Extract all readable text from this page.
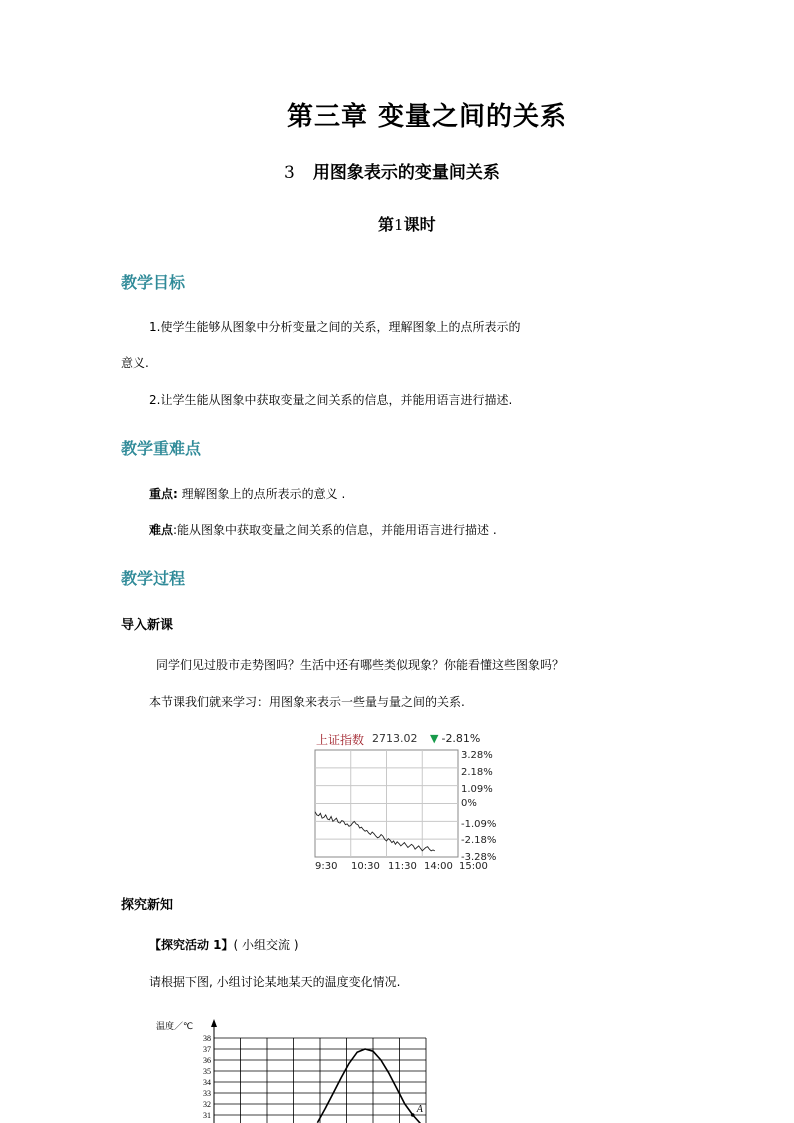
第三章 变量之间的关系
3 用图象表示的变量间关系
第1课时
教学目标
1.使学生能够从图象中分析变量之间的关系，理解图象上的点所表示的
意义.
2.让学生能从图象中获取变量之间关系的信息，并能用语言进行描述.
教学重难点
重点: 理解图象上的点所表示的意义 .
难点:能从图象中获取变量之间关系的信息，并能用语言进行描述 .
教学过程
导入新课
同学们见过股市走势图吗？生活中还有哪些类似现象？你能看懂这些图象吗？
本节课我们就来学习：用图象来表示一些量与量之间的关系.
上证指数 2713.02 ▼ -2.81%
3.28%
2.18%
1.09%
0%
-1.09%
-2.18%
-3.28%
9:30 10:30 11:30 14:00 15:00
探究新知
【探究活动 1】( 小组交流 )
请根据下图, 小组讨论某地某天的温度变化情况.
温度／℃
31
32
33
34
35
36
37
38
A
